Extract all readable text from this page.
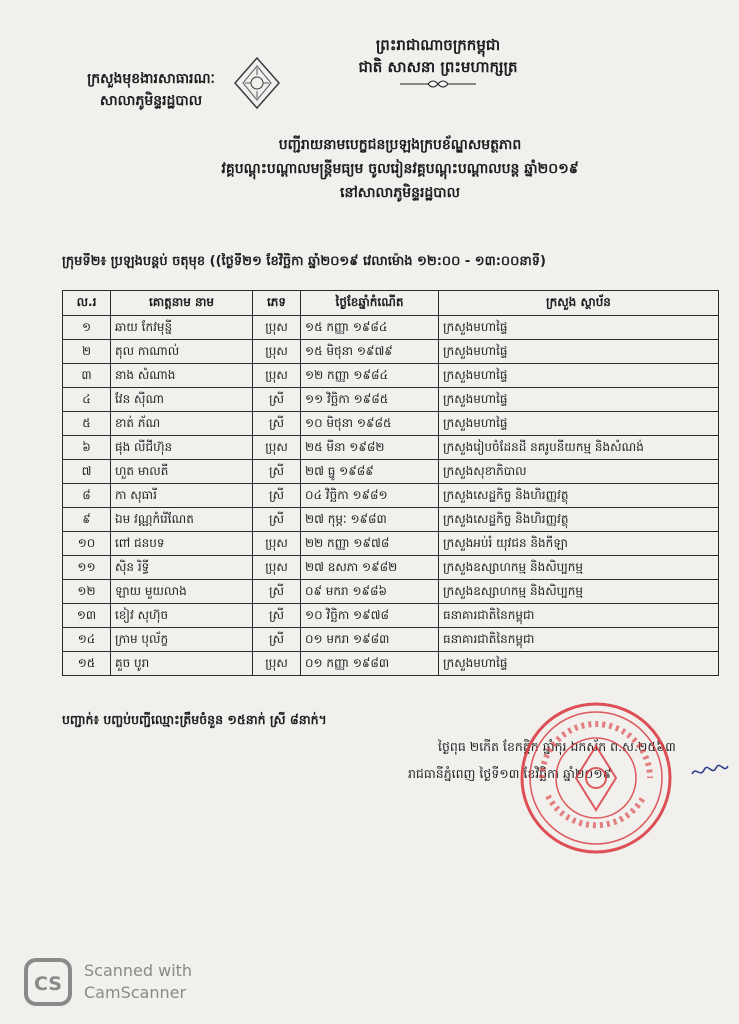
ព្រះរាជាណាចក្រកម្ពុជា
ជាតិ សាសនា ព្រះមហាក្សត្រ
ក្រសួងមុខងារសាធារណៈ
សាលាភូមិន្ទរដ្ឋបាល
បញ្ជីរាយនាមបេក្ខជនប្រឡងក្របខ័ណ្ឌសមត្ថភាព
វគ្គបណ្តុះបណ្តាលមន្ត្រីមធ្យម ចូលរៀនវគ្គបណ្តុះបណ្តាលបន្ត ឆ្នាំ២០១៩
នៅសាលាភូមិន្ទរដ្ឋបាល
ក្រុមទី២៖ ប្រឡងបន្តប់ ចតុមុខ ((ថ្ងៃទី២១ ខែវិច្ឆិកា ឆ្នាំ២០១៩ វេលាម៉ោង ១២:០០ - ១៣:០០នាទី)
ល.រ	គោត្តនាម នាម	ភេទ	ថ្ងៃខែឆ្នាំកំណើត	ក្រសួង ស្ថាប័ន
១	ឆាយ កែវមុន្នី	ប្រុស	១៥ កញ្ញា ១៩៨៤	ក្រសួងមហាផ្ទៃ
២	តុល កាណាល់	ប្រុស	១៥ មិថុនា ១៩៧៩	ក្រសួងមហាផ្ទៃ
៣	នាង សំណាង	ប្រុស	១២ កញ្ញា ១៩៨៤	ក្រសួងមហាផ្ទៃ
៤	វែន ស៊ីណា	ស្រី	១១ វិច្ឆិកា ១៩៨៥	ក្រសួងមហាផ្ទៃ
៥	ខាត់ ភ័ណ	ស្រី	១០ មិថុនា ១៩៨៥	ក្រសួងមហាផ្ទៃ
៦	ផុង លីជីហ៊ុន	ប្រុស	២៥ មីនា ១៩៨២	ក្រសួងរៀបចំដែនដី នគរូបនីយកម្ម និងសំណង់
៧	ហួត មាលតី	ស្រី	២៧ ធ្នូ ១៩៨៩	ក្រសួងសុខាភិបាល
៨	កា សុធារី	ស្រី	០៤ វិច្ឆិកា ១៩៨១	ក្រសួងសេដ្ឋកិច្ច និងហិរញ្ញវត្ថុ
៩	ឯម វណ្ណកំរើណែត	ស្រី	២៧ កុម្ភៈ ១៩៨៣	ក្រសួងសេដ្ឋកិច្ច និងហិរញ្ញវត្ថុ
១០	ពៅ ជនបទ	ប្រុស	២២ កញ្ញា ១៩៧៨	ក្រសួងអប់រំ យុវជន និងកីឡា
១១	ស៊ិន រិទ្ធី	ប្រុស	២៧ ឧសភា ១៩៨២	ក្រសួងឧស្សាហកម្ម និងសិប្បកម្ម
១២	ឡាយ មួយលាង	ស្រី	០៩ មករា ១៩៨៦	ក្រសួងឧស្សាហកម្ម និងសិប្បកម្ម
១៣	ខៀវ សុហ៊ុច	ស្រី	១០ វិច្ឆិកា ១៩៧៨	ធនាគារជាតិនៃកម្ពុជា
១៤	ក្រាម បុល័ក្ខ	ស្រី	០១ មករា ១៩៨៣	ធនាគារជាតិនៃកម្ពុជា
១៥	គួច បូរា	ប្រុស	០១ កញ្ញា ១៩៨៣	ក្រសួងមហាផ្ទៃ
បញ្ជាក់៖ បញ្ចប់បញ្ជីឈ្មោះត្រឹមចំនួន ១៥នាក់ ស្រី ៨នាក់។
ថ្ងៃពុធ ២កើត ខែកត្តិក ឆ្នាំកុរ ឯកស័ក ព.ស.២៥៦៣
រាជធានីភ្នំពេញ ថ្ងៃទី១៣ ខែវិច្ឆិកា ឆ្នាំ២០១៩
CS
Scanned with
CamScanner
